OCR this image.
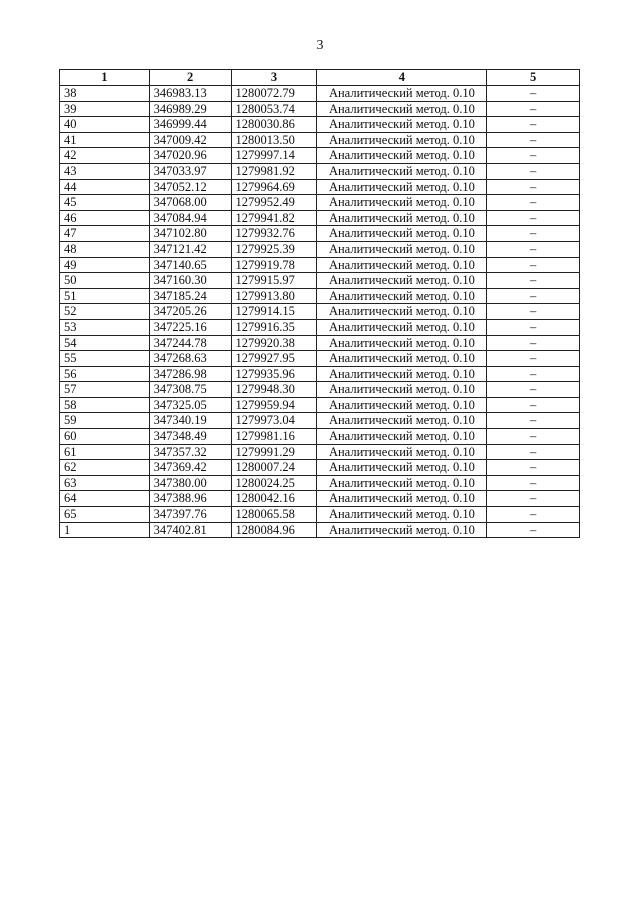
3
1	2	3	4	5
38	346983.13	1280072.79	Аналитический метод. 0.10	–
39	346989.29	1280053.74	Аналитический метод. 0.10	–
40	346999.44	1280030.86	Аналитический метод. 0.10	–
41	347009.42	1280013.50	Аналитический метод. 0.10	–
42	347020.96	1279997.14	Аналитический метод. 0.10	–
43	347033.97	1279981.92	Аналитический метод. 0.10	–
44	347052.12	1279964.69	Аналитический метод. 0.10	–
45	347068.00	1279952.49	Аналитический метод. 0.10	–
46	347084.94	1279941.82	Аналитический метод. 0.10	–
47	347102.80	1279932.76	Аналитический метод. 0.10	–
48	347121.42	1279925.39	Аналитический метод. 0.10	–
49	347140.65	1279919.78	Аналитический метод. 0.10	–
50	347160.30	1279915.97	Аналитический метод. 0.10	–
51	347185.24	1279913.80	Аналитический метод. 0.10	–
52	347205.26	1279914.15	Аналитический метод. 0.10	–
53	347225.16	1279916.35	Аналитический метод. 0.10	–
54	347244.78	1279920.38	Аналитический метод. 0.10	–
55	347268.63	1279927.95	Аналитический метод. 0.10	–
56	347286.98	1279935.96	Аналитический метод. 0.10	–
57	347308.75	1279948.30	Аналитический метод. 0.10	–
58	347325.05	1279959.94	Аналитический метод. 0.10	–
59	347340.19	1279973.04	Аналитический метод. 0.10	–
60	347348.49	1279981.16	Аналитический метод. 0.10	–
61	347357.32	1279991.29	Аналитический метод. 0.10	–
62	347369.42	1280007.24	Аналитический метод. 0.10	–
63	347380.00	1280024.25	Аналитический метод. 0.10	–
64	347388.96	1280042.16	Аналитический метод. 0.10	–
65	347397.76	1280065.58	Аналитический метод. 0.10	–
1	347402.81	1280084.96	Аналитический метод. 0.10	–
